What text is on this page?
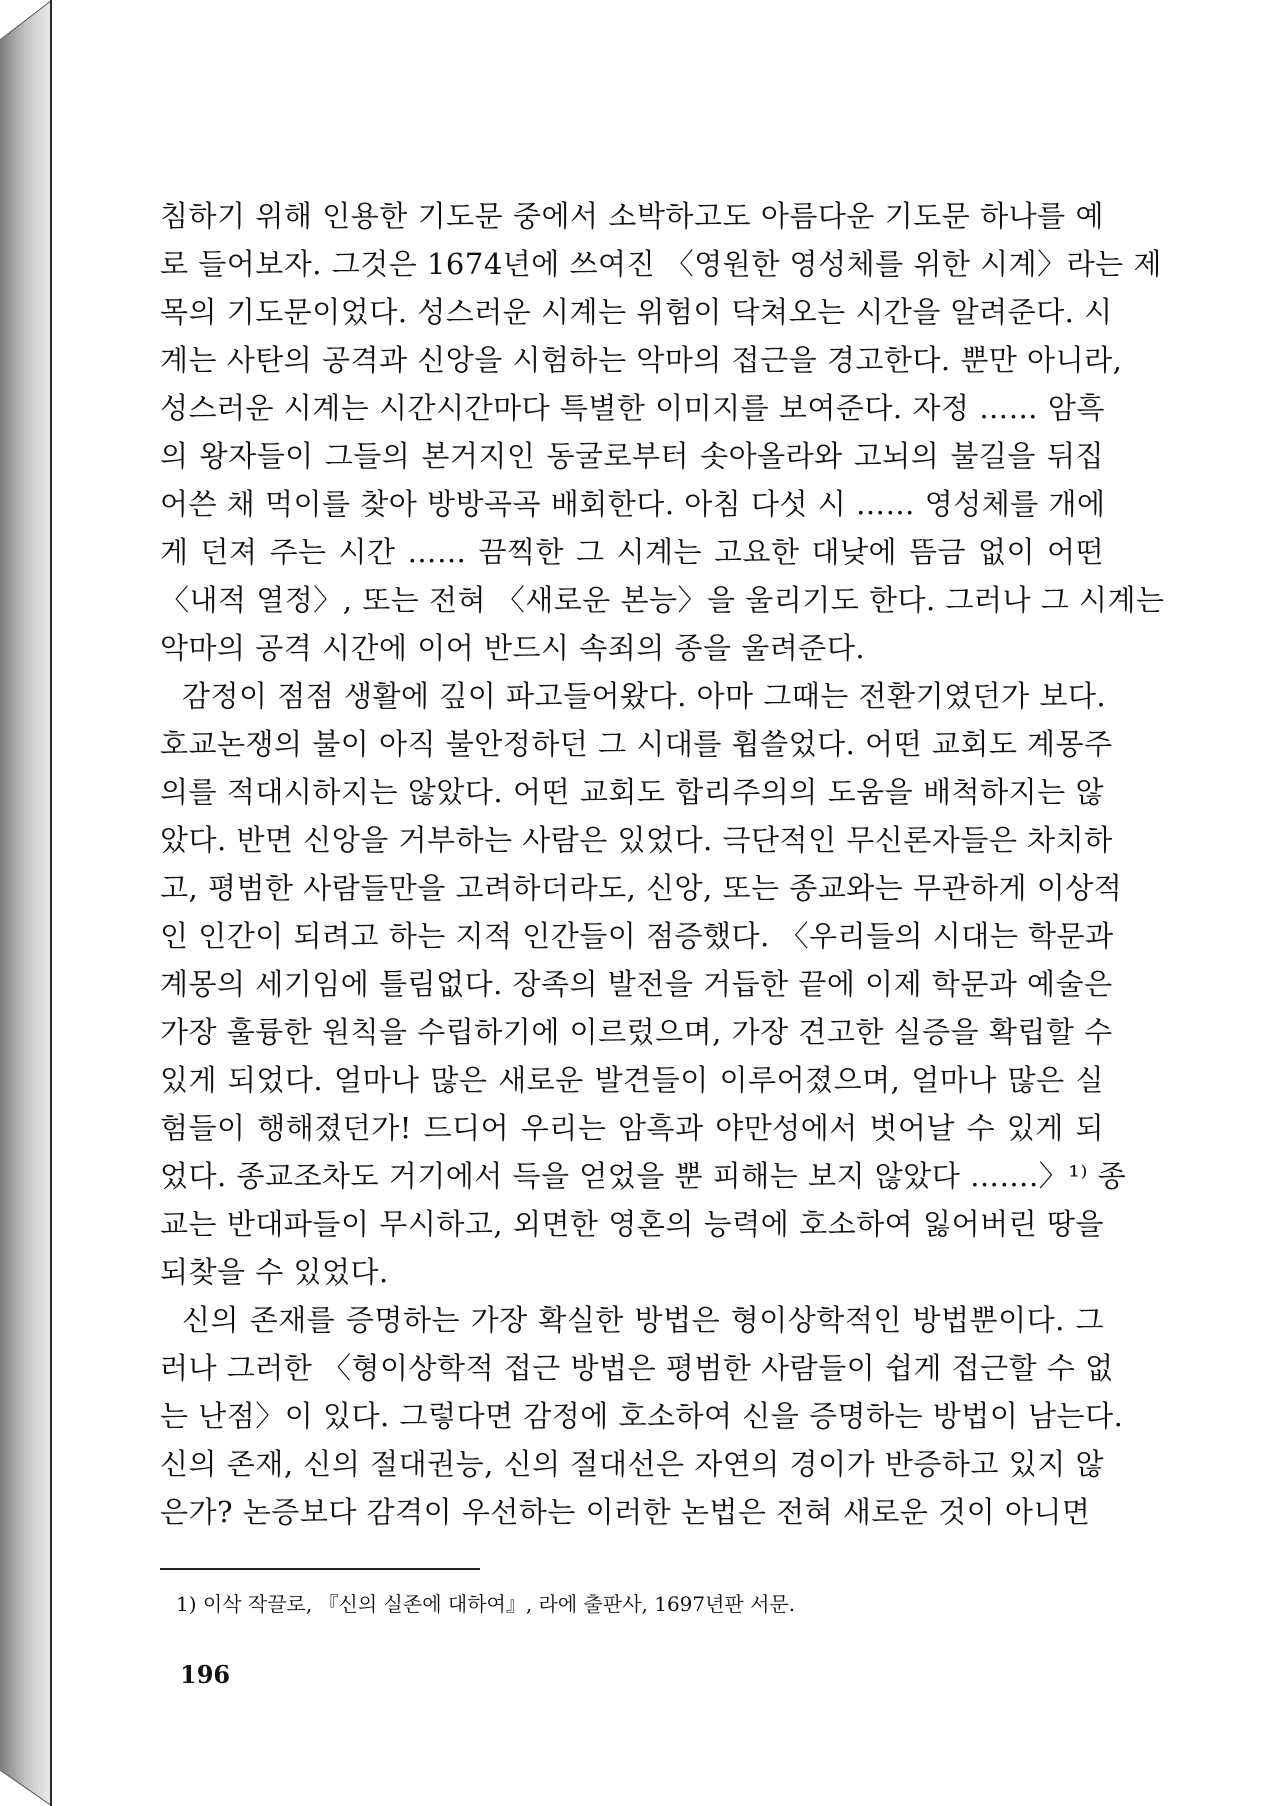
침하기 위해 인용한 기도문 중에서 소박하고도 아름다운 기도문 하나를 예
로 들어보자. 그것은 1674년에 쓰여진 〈영원한 영성체를 위한 시계〉라는 제
목의 기도문이었다. 성스러운 시계는 위험이 닥쳐오는 시간을 알려준다. 시
계는 사탄의 공격과 신앙을 시험하는 악마의 접근을 경고한다. 뿐만 아니라,
성스러운 시계는 시간시간마다 특별한 이미지를 보여준다. 자정 …… 암흑
의 왕자들이 그들의 본거지인 동굴로부터 솟아올라와 고뇌의 불길을 뒤집
어쓴 채 먹이를 찾아 방방곡곡 배회한다. 아침 다섯 시 …… 영성체를 개에
게 던져 주는 시간 …… 끔찍한 그 시계는 고요한 대낮에 뜸금 없이 어떤
〈내적 열정〉, 또는 전혀 〈새로운 본능〉을 울리기도 한다. 그러나 그 시계는
악마의 공격 시간에 이어 반드시 속죄의 종을 울려준다.
감정이 점점 생활에 깊이 파고들어왔다. 아마 그때는 전환기였던가 보다.
호교논쟁의 불이 아직 불안정하던 그 시대를 휩쓸었다. 어떤 교회도 계몽주
의를 적대시하지는 않았다. 어떤 교회도 합리주의의 도움을 배척하지는 않
았다. 반면 신앙을 거부하는 사람은 있었다. 극단적인 무신론자들은 차치하
고, 평범한 사람들만을 고려하더라도, 신앙, 또는 종교와는 무관하게 이상적
인 인간이 되려고 하는 지적 인간들이 점증했다. 〈우리들의 시대는 학문과
계몽의 세기임에 틀림없다. 장족의 발전을 거듭한 끝에 이제 학문과 예술은
가장 훌륭한 원칙을 수립하기에 이르렀으며, 가장 견고한 실증을 확립할 수
있게 되었다. 얼마나 많은 새로운 발견들이 이루어졌으며, 얼마나 많은 실
험들이 행해졌던가! 드디어 우리는 암흑과 야만성에서 벗어날 수 있게 되
었다. 종교조차도 거기에서 득을 얻었을 뿐 피해는 보지 않았다 …….〉¹⁾ 종
교는 반대파들이 무시하고, 외면한 영혼의 능력에 호소하여 잃어버린 땅을
되찾을 수 있었다.
신의 존재를 증명하는 가장 확실한 방법은 형이상학적인 방법뿐이다. 그
러나 그러한 〈형이상학적 접근 방법은 평범한 사람들이 쉽게 접근할 수 없
는 난점〉이 있다. 그렇다면 감정에 호소하여 신을 증명하는 방법이 남는다.
신의 존재, 신의 절대권능, 신의 절대선은 자연의 경이가 반증하고 있지 않
은가? 논증보다 감격이 우선하는 이러한 논법은 전혀 새로운 것이 아니면
1) 이삭 작끌로, 『신의 실존에 대하여』, 라에 출판사, 1697년판 서문.
196
